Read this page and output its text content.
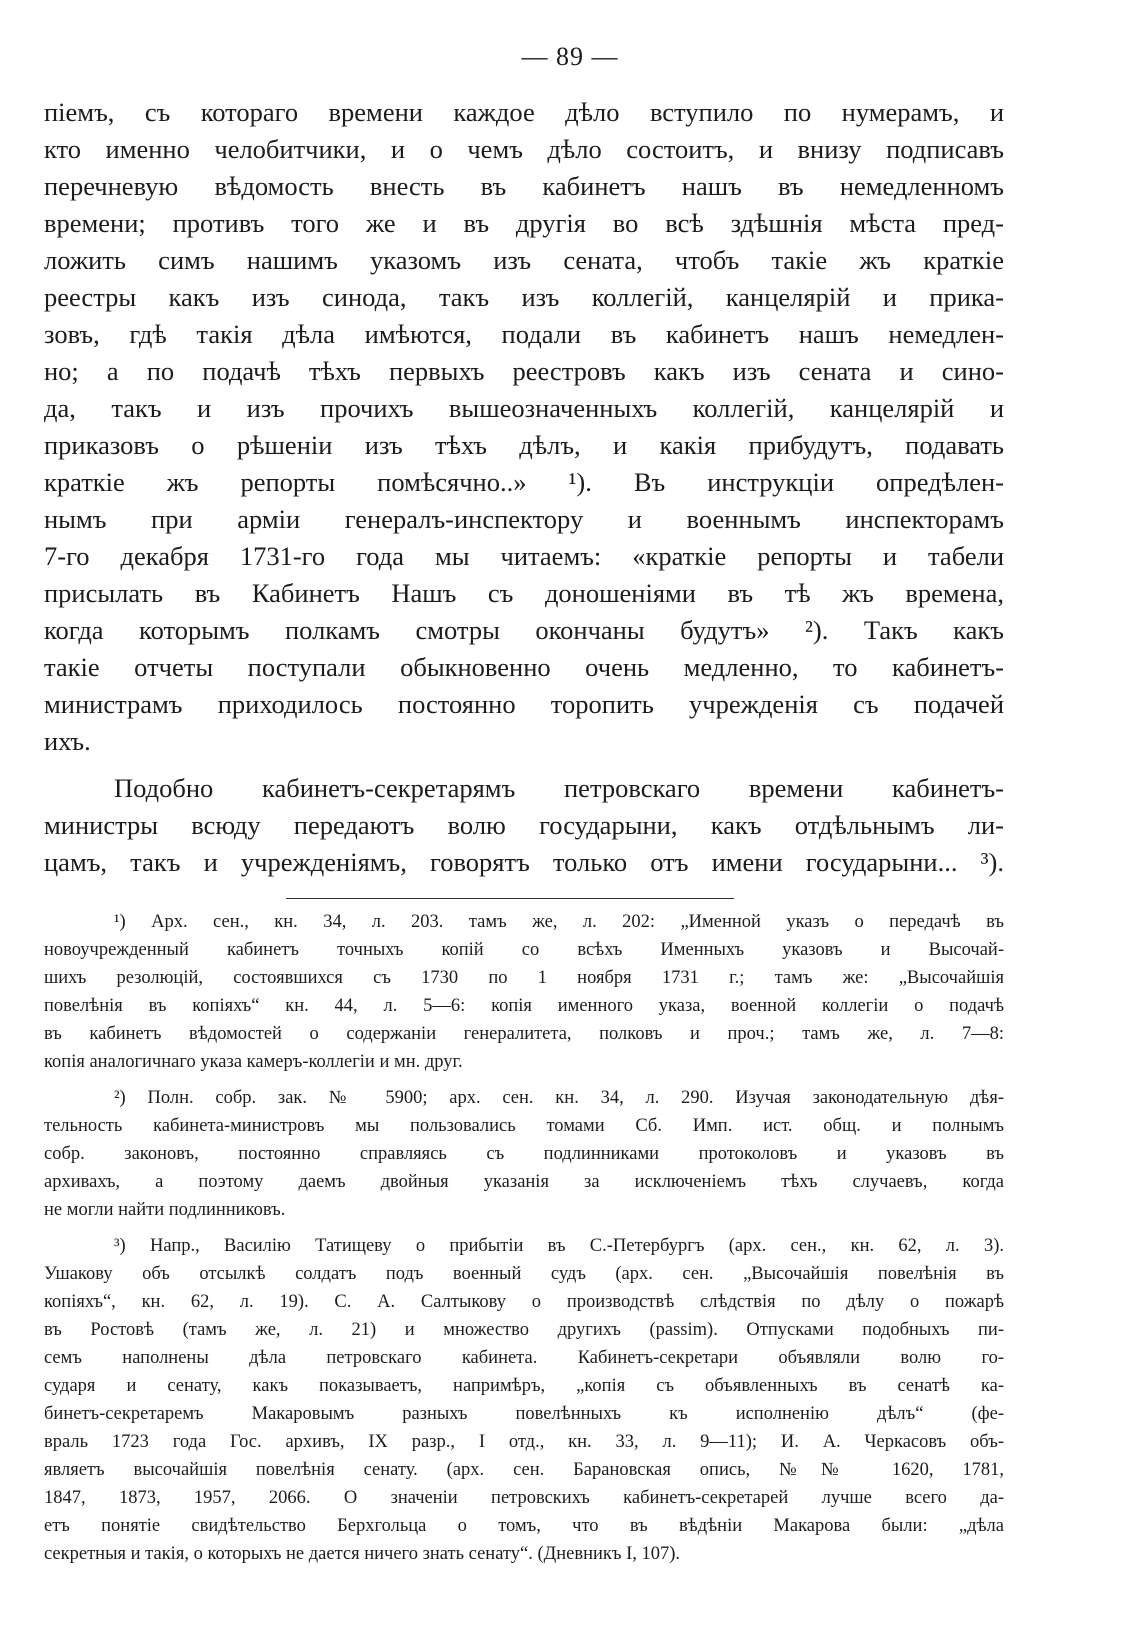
— 89 —
піемъ, съ котораго времени каждое дѣло вступило по нумерамъ, и
кто именно челобитчики, и о чемъ дѣло состоитъ, и внизу подписавъ
перечневую вѣдомость внесть въ кабинетъ нашъ въ немедленномъ
времени; противъ того же и въ другія во всѣ здѣшнія мѣста пред-
ложить симъ нашимъ указомъ изъ сената, чтобъ такіе жъ краткіе
реестры какъ изъ синода, такъ изъ коллегій, канцелярій и прика-
зовъ, гдѣ такія дѣла имѣются, подали въ кабинетъ нашъ немедлен-
но; а по подачѣ тѣхъ первыхъ реестровъ какъ изъ сената и сино-
да, такъ и изъ прочихъ вышеозначенныхъ коллегій, канцелярій и
приказовъ о рѣшеніи изъ тѣхъ дѣлъ, и какія прибудутъ, подавать
краткіе жъ репорты помѣсячно..» ¹). Въ инструкціи опредѣлен-
нымъ при арміи генералъ-инспектору и военнымъ инспекторамъ
7-го декабря 1731-го года мы читаемъ: «краткіе репорты и табели
присылать въ Кабинетъ Нашъ съ доношеніями въ тѣ жъ времена,
когда которымъ полкамъ смотры окончаны будутъ» ²). Такъ какъ
такіе отчеты поступали обыкновенно очень медленно, то кабинетъ-
министрамъ приходилось постоянно торопить учрежденія съ подачей
ихъ.
Подобно кабинетъ-секретарямъ петровскаго времени кабинетъ-
министры всюду передаютъ волю государыни, какъ отдѣльнымъ ли-
цамъ, такъ и учрежденіямъ, говорятъ только отъ имени государыни... ³).
¹) Арх. сен., кн. 34, л. 203. тамъ же, л. 202: „Именной указъ о передачѣ въ
новоучрежденный кабинетъ точныхъ копій со всѣхъ Именныхъ указовъ и Высочай-
шихъ резолюцій, состоявшихся съ 1730 по 1 ноября 1731 г.; тамъ же: „Высочайшія
повелѣнія въ копіяхъ“ кн. 44, л. 5—6: копія именного указа, военной коллегіи о подачѣ
въ кабинетъ вѣдомостей о содержаніи генералитета, полковъ и проч.; тамъ же, л. 7—8:
копія аналогичнаго указа камеръ-коллегіи и мн. друг.
²) Полн. собр. зак. № 5900; арх. сен. кн. 34, л. 290. Изучая законодательную дѣя-
тельность кабинета-министровъ мы пользовались томами Сб. Имп. ист. общ. и полнымъ
собр. законовъ, постоянно справляясь съ подлинниками протоколовъ и указовъ въ
архивахъ, а поэтому даемъ двойныя указанія за исключеніемъ тѣхъ случаевъ, когда
не могли найти подлинниковъ.
³) Напр., Василію Татищеву о прибытіи въ С.-Петербургъ (арх. сен., кн. 62, л. 3).
Ушакову объ отсылкѣ солдатъ подъ военный судъ (арх. сен. „Высочайшія повелѣнія въ
копіяхъ“, кн. 62, л. 19). С. А. Салтыкову о производствѣ слѣдствія по дѣлу о пожарѣ
въ Ростовѣ (тамъ же, л. 21) и множество другихъ (passim). Отпусками подобныхъ пи-
семъ наполнены дѣла петровскаго кабинета. Кабинетъ-секретари объявляли волю го-
сударя и сенату, какъ показываетъ, напримѣръ, „копія съ объявленныхъ въ сенатѣ ка-
бинетъ-секретаремъ Макаровымъ разныхъ повелѣнныхъ къ исполненію дѣлъ“ (фе-
враль 1723 года Гос. архивъ, IX разр., I отд., кн. 33, л. 9—11); И. А. Черкасовъ объ-
являетъ высочайшія повелѣнія сенату. (арх. сен. Барановская опись, №№ 1620, 1781,
1847, 1873, 1957, 2066. О значеніи петровскихъ кабинетъ-секретарей лучше всего да-
етъ понятіе свидѣтельство Берхгольца о томъ, что въ вѣдѣніи Макарова были: „дѣла
секретныя и такія, о которыхъ не дается ничего знать сенату“. (Дневникъ I, 107).
